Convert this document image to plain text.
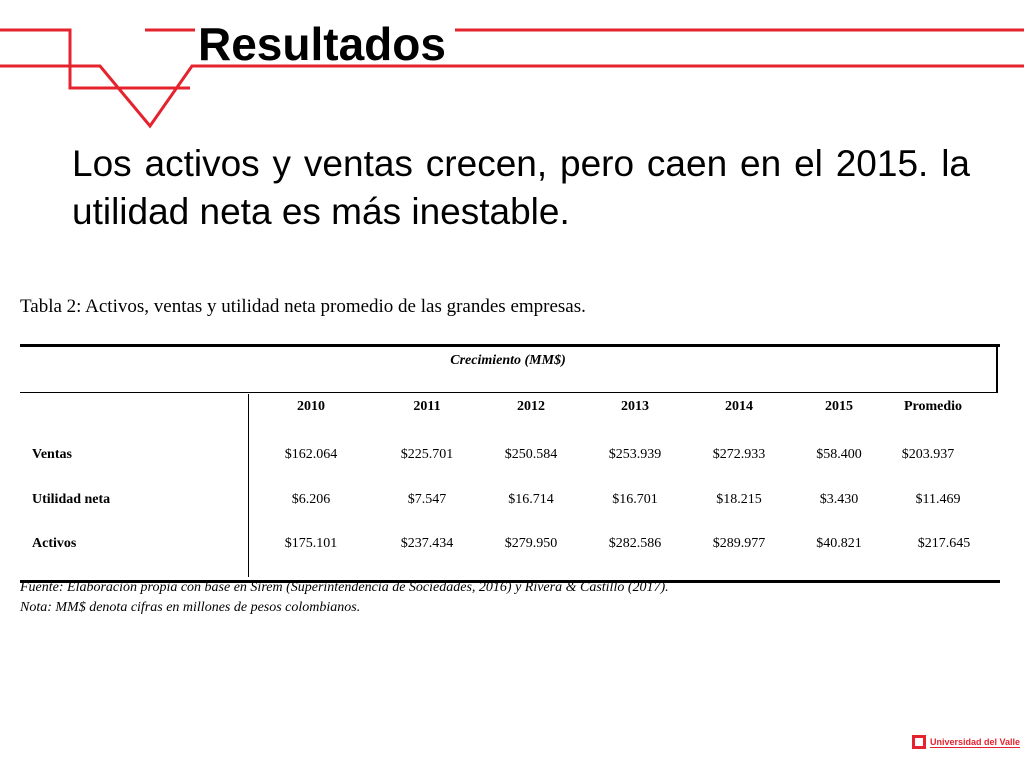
Resultados

Los activos y ventas crecen, pero caen en el 2015. la utilidad neta es más inestable.

Tabla 2: Activos, ventas y utilidad neta promedio de las grandes empresas.
Crecimiento (MM$)
2010	2011	2012	2013	2014	2015	Promedio
Ventas	$162.064	$225.701	$250.584	$253.939	$272.933	$58.400	$203.937
Utilidad neta	$6.206	$7.547	$16.714	$16.701	$18.215	$3.430	$11.469
Activos	$175.101	$237.434	$279.950	$282.586	$289.977	$40.821	$217.645
Fuente: Elaboración propia con base en Sirem (Superintendencia de Sociedades, 2016) y Rivera & Castillo (2017).
Nota: MM$ denota cifras en millones de pesos colombianos.
Universidad del Valle
